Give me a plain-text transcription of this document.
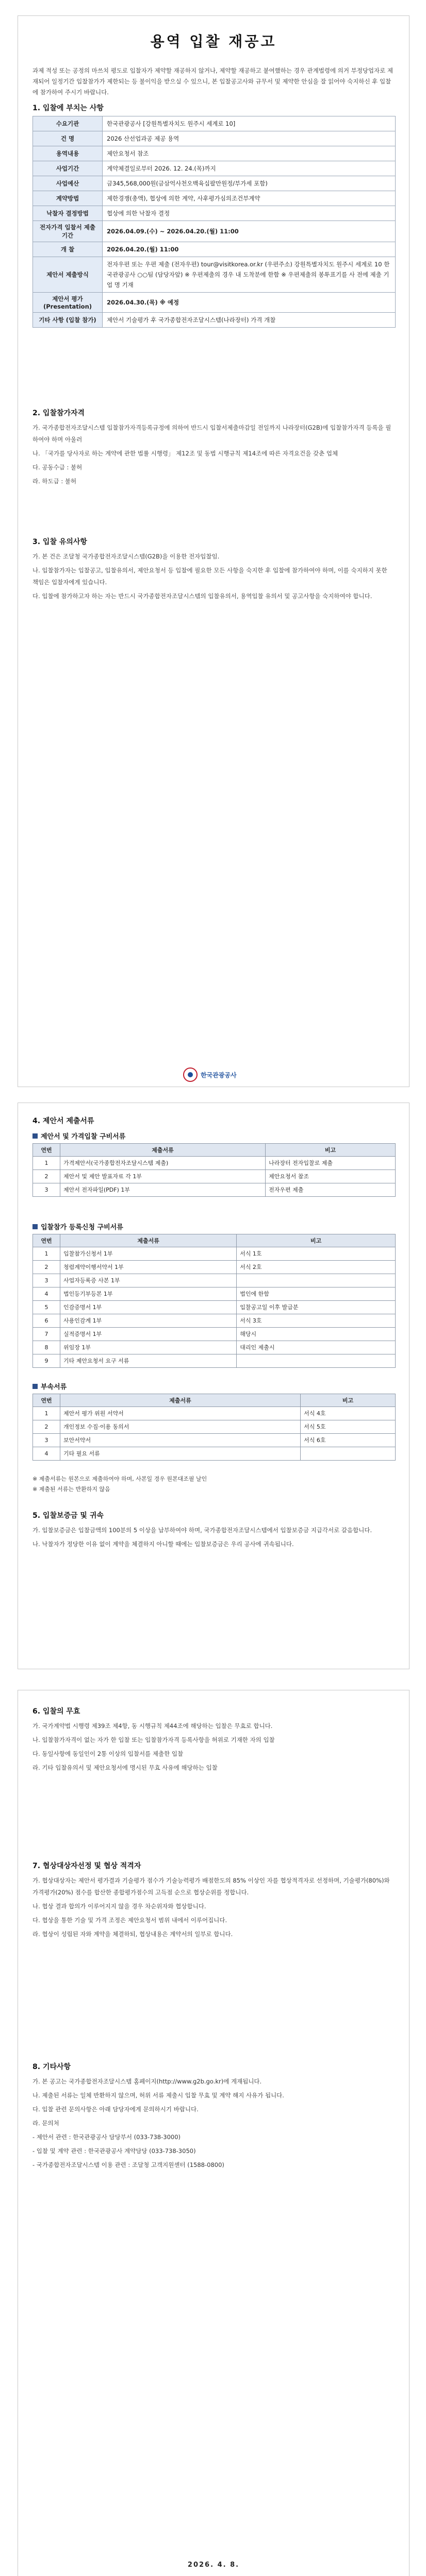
용역 입찰 재공고
과제 적성 또는 공정의 마쓰치 평도로 입찰자가 제약할 재공하지 않거나, 제약할 재공하고 붙여했하는 경우 관계법령에 의거 부정당업자로 제재되어 일정기간 입찰참가가 제한되는 등 불이익을 받으실 수 있으니, 본 입찰공고사와 규무서 및 제약한 안심을 잘 읽어야 숙지하신 후 입찰에 참가하여 주시기 바랍니다.
1. 입찰에 부치는 사항
수요기관	한국관광공사 [강원특별자치도 원주시 세계로 10]
건 명	2026 산선업과공 제공 용역
용역내용	제안요청서 참조
사업기간	계약체결일로부터 2026. 12. 24.(목)까지
사업예산	금345,568,000원(금삼억사천오백육십팔만원정/부가세 포함)
계약방법	제한경쟁(총액), 협상에 의한 계약, 사후평가심의조건부계약
낙찰자 결정방법	협상에 의한 낙찰자 결정
전자가격 입찰서 제출기간	2026.04.09.(수) ~ 2026.04.20.(월) 11:00
개 찰	2026.04.20.(월) 11:00
제안서 제출방식	전자우편 또는 우편 제출 (전자우편) tour@visitkorea.or.kr (우편주소) 강원특별자치도 원주시 세계로 10 한국관광공사 ○○팀 (담당자앞) ※ 우편제출의 경우 내 도착분에 한함 ※ 우편제출의 봉투표기를 사 전에 제출 기업 명 기재
제안서 평가 (Presentation)	2026.04.30.(목) ※ 예정
기타 사항 (입찰 참가)	제안서 기술평가 후 국가종합전자조달시스템(나라장터) 가격 개찰
2. 입찰참가자격

가. 국가종합전자조달시스템 입찰참가자격등록규정에 의하여 반드시 입찰서제출마감일 전일까지 나라장터(G2B)에 입찰참가자격 등록을 필하여야 하며 아울러

나. 「국가를 당사자로 하는 계약에 관한 법률 시행령」 제12조 및 동법 시행규칙 제14조에 따른 자격요건을 갖춘 업체

다. 공동수급 : 불허

라. 하도급 : 불허

3. 입찰 유의사항

가. 본 건은 조달청 국가종합전자조달시스템(G2B)을 이용한 전자입찰임.

나. 입찰참가자는 입찰공고, 입찰유의서, 제안요청서 등 입찰에 필요한 모든 사항을 숙지한 후 입찰에 참가하여야 하며, 이를 숙지하지 못한 책임은 입찰자에게 있습니다.

다. 입찰에 참가하고자 하는 자는 반드시 국가종합전자조달시스템의 입찰유의서, 용역입찰 유의서 및 공고사항을 숙지하여야 합니다.

한국관광공사
4. 제안서 제출서류
제안서 및 가격입찰 구비서류
연번	제출서류	비고
1	가격제안서(국가종합전자조달시스템 제출)	나라장터 전자입찰로 제출
2	제안서 및 제안 발표자료 각 1부	제안요청서 참조
3	제안서 전자파일(PDF) 1부	전자우편 제출
입찰참가 등록신청 구비서류
연번	제출서류	비고
1	입찰참가신청서 1부	서식 1호
2	청렴계약이행서약서 1부	서식 2호
3	사업자등록증 사본 1부	
4	법인등기부등본 1부	법인에 한함
5	인감증명서 1부	입찰공고일 이후 발급분
6	사용인감계 1부	서식 3호
7	실적증명서 1부	해당시
8	위임장 1부	대리인 제출시
9	기타 제안요청서 요구 서류	
부속서류
연번	제출서류	비고
1	제안서 평가 위원 서약서	서식 4호
2	개인정보 수집·이용 동의서	서식 5호
3	보안서약서	서식 6호
4	기타 필요 서류	
※ 제출서류는 원본으로 제출하여야 하며, 사본일 경우 원본대조필 날인
※ 제출된 서류는 반환하지 않음
5. 입찰보증금 및 귀속

가. 입찰보증금은 입찰금액의 100분의 5 이상을 납부하여야 하며, 국가종합전자조달시스템에서 입찰보증금 지급각서로 갈음합니다.

나. 낙찰자가 정당한 이유 없이 계약을 체결하지 아니할 때에는 입찰보증금은 우리 공사에 귀속됩니다.

6. 입찰의 무효

가. 국가계약법 시행령 제39조 제4항, 동 시행규칙 제44조에 해당하는 입찰은 무효로 합니다.

나. 입찰참가자격이 없는 자가 한 입찰 또는 입찰참가자격 등록사항을 허위로 기재한 자의 입찰

다. 동일사항에 동일인이 2통 이상의 입찰서를 제출한 입찰

라. 기타 입찰유의서 및 제안요청서에 명시된 무효 사유에 해당하는 입찰

7. 협상대상자선정 및 협상 적격자

가. 협상대상자는 제안서 평가결과 기술평가 점수가 기술능력평가 배점한도의 85% 이상인 자를 협상적격자로 선정하며, 기술평가(80%)와 가격평가(20%) 점수를 합산한 종합평가점수의 고득점 순으로 협상순위를 정합니다.

나. 협상 결과 합의가 이루어지지 않을 경우 차순위자와 협상합니다.

다. 협상을 통한 기술 및 가격 조정은 제안요청서 범위 내에서 이루어집니다.

라. 협상이 성립된 자와 계약을 체결하되, 협상내용은 계약서의 일부로 합니다.

8. 기타사항

가. 본 공고는 국가종합전자조달시스템 홈페이지(http://www.g2b.go.kr)에 게재됩니다.

나. 제출된 서류는 일체 반환하지 않으며, 허위 서류 제출시 입찰 무효 및 계약 해지 사유가 됩니다.

다. 입찰 관련 문의사항은 아래 담당자에게 문의하시기 바랍니다.

라. 문의처

- 제안서 관련 : 한국관광공사 담당부서 (033-738-3000)

- 입찰 및 계약 관련 : 한국관광공사 계약담당 (033-738-3050)

- 국가종합전자조달시스템 이용 관련 : 조달청 고객지원센터 (1588-0800)

2026. 4. 8.
